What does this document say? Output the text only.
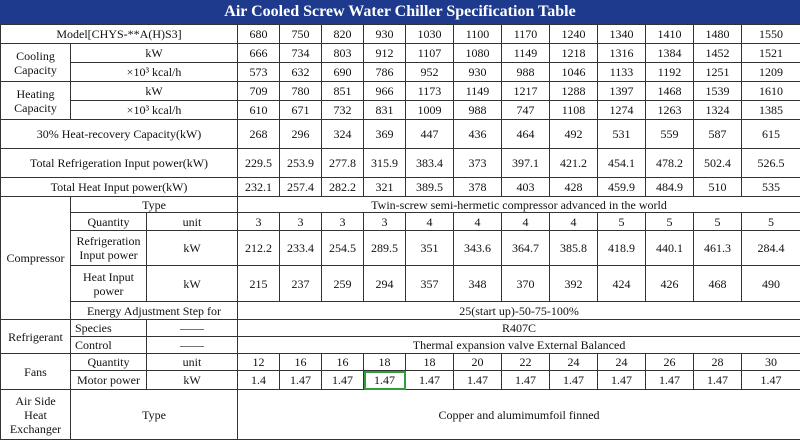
Air Cooled Screw Water Chiller Specification Table
Model[CHYS-**A(H)S3]			680	750	820	930	1030	1100	1170	1240	1340	1410	1480	1550
Cooling
Capacity	kW		666	734	803	912	1107	1080	1149	1218	1316	1384	1452	1521
	×10³ kcal/h		573	632	690	786	952	930	988	1046	1133	1192	1251	1209
Heating
Capacity	kW		709	780	851	966	1173	1149	1217	1288	1397	1468	1539	1610
	×10³ kcal/h		610	671	732	831	1009	988	747	1108	1274	1263	1324	1385
30% Heat-recovery Capacity(kW)			268	296	324	369	447	436	464	492	531	559	587	615
Total Refrigeration Input power(kW)			229.5	253.9	277.8	315.9	383.4	373	397.1	421.2	454.1	478.2	502.4	526.5
Total Heat Input power(kW)			232.1	257.4	282.2	321	389.5	378	403	428	459.9	484.9	510	535
Compressor	Type		Twin-screw semi-hermetic compressor advanced in the world											
	Quantity	unit	3	3	3	3	4	4	4	4	5	5	5	5
	Refrigeration Input power	kW	212.2	233.4	254.5	289.5	351	343.6	364.7	385.8	418.9	440.1	461.3	284.4
	Heat Input power	kW	215	237	259	294	357	348	370	392	424	426	468	490
	Energy Adjustment Step for		25(start up)-50-75-100%											
Refrigerant	Species	——	R407C											
	Control	——	Thermal expansion valve External Balanced											
Fans	Quantity	unit	12	16	16	18	18	20	22	24	24	26	28	30
	Motor power	kW	1.4	1.47	1.47	1.47	1.47	1.47	1.47	1.47	1.47	1.47	1.47	1.47
Air Side
Heat
Exchanger	Type		Copper and alumimumfoil finned											
